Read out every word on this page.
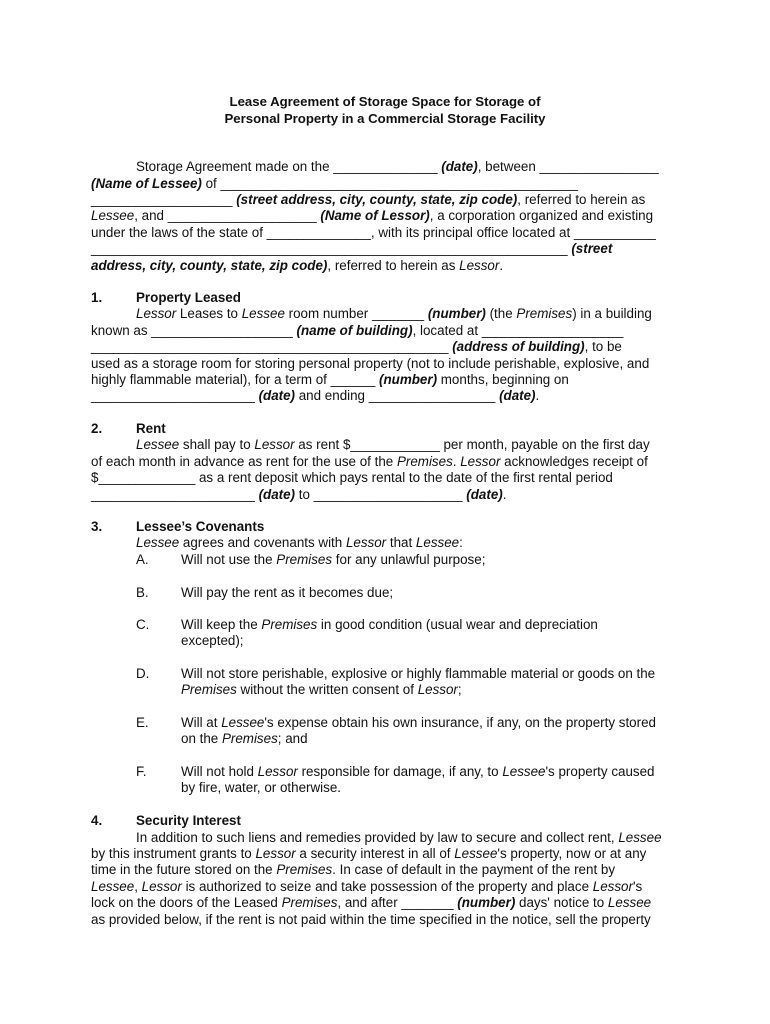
Lease Agreement of Storage Space for Storage of
Personal Property in a Commercial Storage Facility
Storage Agreement made on the ______________ (date), between ________________
(Name of Lessee) of ________________________________________________
___________________ (street address, city, county, state, zip code), referred to herein as
Lessee, and ____________________ (Name of Lessor), a corporation organized and existing
under the laws of the state of ______________, with its principal office located at ___________
________________________________________________________________ (street
address, city, county, state, zip code), referred to herein as Lessor.
1.	Property Leased
Lessor Leases to Lessee room number _______ (number) (the Premises) in a building
known as ___________________ (name of building), located at ___________________
________________________________________________ (address of building), to be
used as a storage room for storing personal property (not to include perishable, explosive, and
highly flammable material), for a term of ______ (number) months, beginning on
______________________ (date) and ending _________________ (date).
2.	Rent
Lessee shall pay to Lessor as rent $____________ per month, payable on the first day
of each month in advance as rent for the use of the Premises. Lessor acknowledges receipt of
$_____________ as a rent deposit which pays rental to the date of the first rental period
______________________ (date) to ____________________ (date).
3.	Lessee’s Covenants
Lessee agrees and covenants with Lessor that Lessee:
A. Will not use the Premises for any unlawful purpose;
B. Will pay the rent as it becomes due;
C. Will keep the Premises in good condition (usual wear and depreciation
excepted);
D. Will not store perishable, explosive or highly flammable material or goods on the
Premises without the written consent of Lessor;
E. Will at Lessee's expense obtain his own insurance, if any, on the property stored
on the Premises; and
F.	Will not hold Lessor responsible for damage, if any, to Lessee's property caused
by fire, water, or otherwise.
4.	Security Interest
In addition to such liens and remedies provided by law to secure and collect rent, Lessee
by this instrument grants to Lessor a security interest in all of Lessee's property, now or at any
time in the future stored on the Premises. In case of default in the payment of the rent by
Lessee, Lessor is authorized to seize and take possession of the property and place Lessor's
lock on the doors of the Leased Premises, and after _______ (number) days' notice to Lessee
as provided below, if the rent is not paid within the time specified in the notice, sell the property
